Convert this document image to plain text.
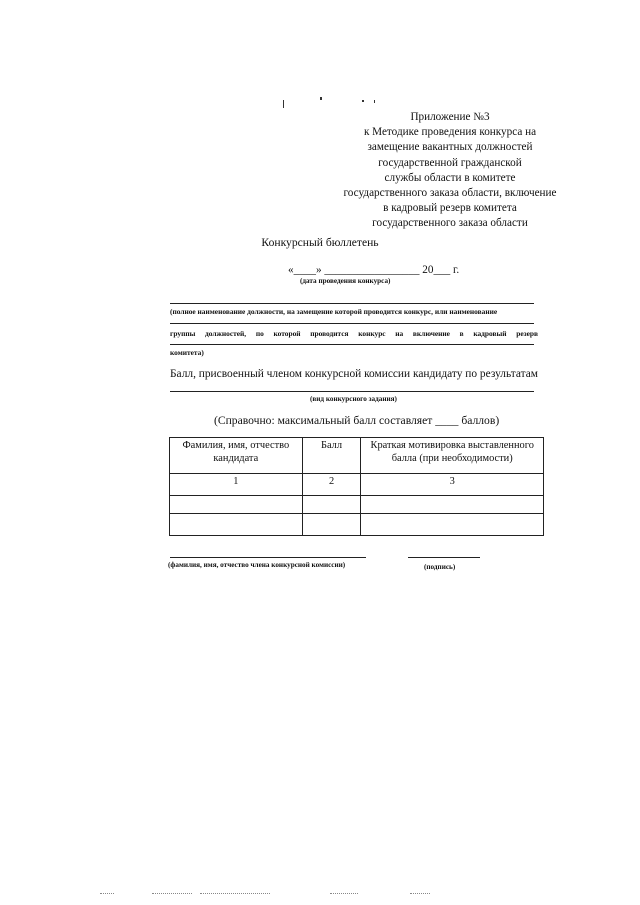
Приложение №3
к Методике проведения конкурса на
замещение вакантных должностей
государственной гражданской
службы области в комитете
государственного заказа области, включение
в кадровый резерв комитета
государственного заказа области
Конкурсный бюллетень
«____» _________________ 20___ г.
(дата проведения конкурса)
(полное наименование должности, на замещение которой проводится конкурс, или наименование
группы должностей, по которой проводится конкурс на включение в кадровый резерв
комитета)
Балл, присвоенный членом конкурсной комиссии кандидату по результатам
(вид конкурсного задания)
(Справочно: максимальный балл составляет ____ баллов)
Фамилия, имя, отчество кандидата	Балл	Краткая мотивировка выставленного балла (при необходимости)
1	2	3

(фамилия, имя, отчество члена конкурсной комиссии)	(подпись)
